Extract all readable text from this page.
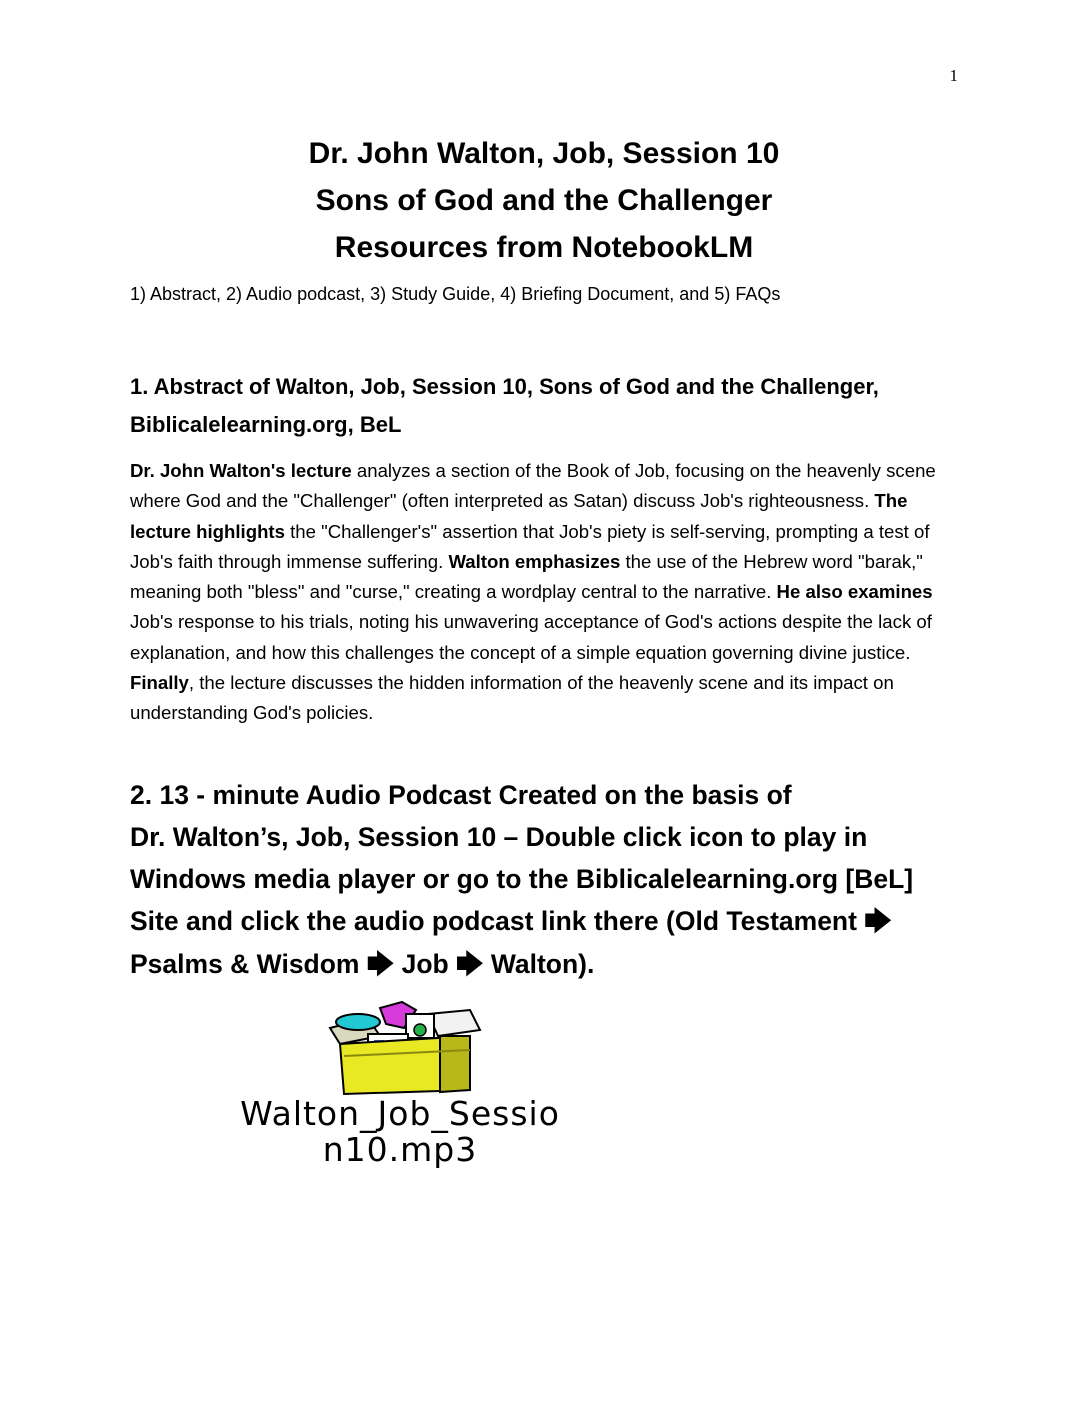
1
Dr. John Walton, Job, Session 10
Sons of God and the Challenger
Resources from NotebookLM
1) Abstract, 2) Audio podcast, 3) Study Guide, 4) Briefing Document, and 5) FAQs
1. Abstract of Walton, Job, Session 10, Sons of God and the Challenger, Biblicalelearning.org, BeL
Dr. John Walton's lecture analyzes a section of the Book of Job, focusing on the heavenly scene where God and the "Challenger" (often interpreted as Satan) discuss Job's righteousness. The lecture highlights the "Challenger's" assertion that Job's piety is self-serving, prompting a test of Job's faith through immense suffering. Walton emphasizes the use of the Hebrew word "barak," meaning both "bless" and "curse," creating a wordplay central to the narrative. He also examines Job's response to his trials, noting his unwavering acceptance of God's actions despite the lack of explanation, and how this challenges the concept of a simple equation governing divine justice. Finally, the lecture discusses the hidden information of the heavenly scene and its impact on understanding God's policies.
2. 13 - minute Audio Podcast Created on the basis of
Dr. Walton’s, Job, Session 10 – Double click icon to play in
Windows media player or go to the Biblicalelearning.org [BeL]
Site and click the audio podcast link there (Old Testament 🡆
Psalms & Wisdom 🡆 Job 🡆 Walton).
Walton_Job_Sessio
n10.mp3
